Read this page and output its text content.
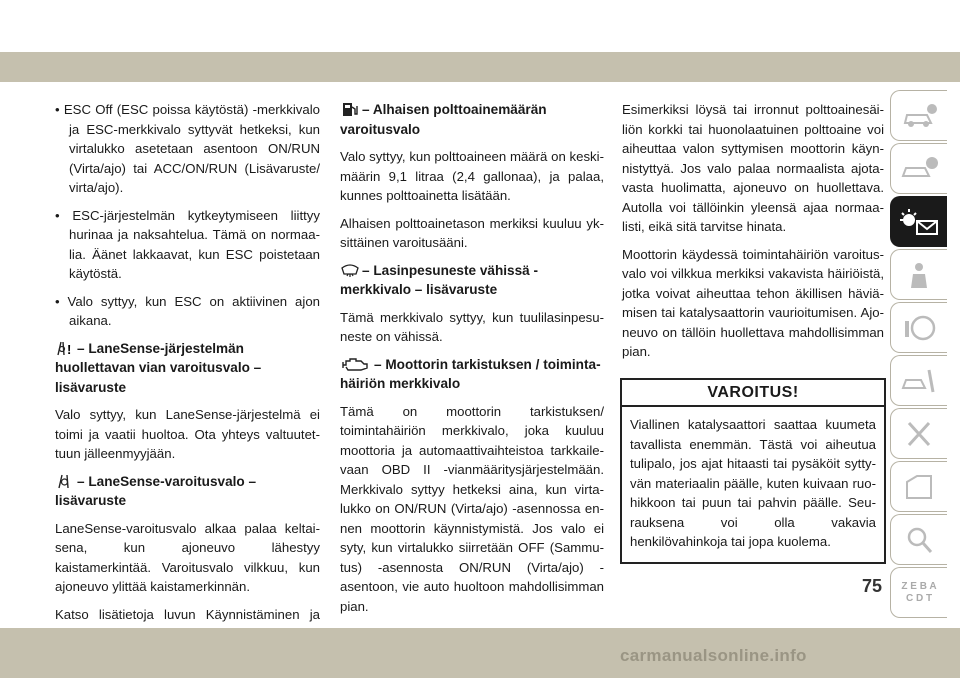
• ESC Off (ESC poissa käytöstä) -merkkivalo ja ESC-merkkivalo syttyvät hetkeksi, kun virtalukko asetetaan asentoon ON/RUN (Virta/ajo) tai ACC/ON/RUN (Lisävaruste/ virta/ajo).

• ESC-järjestelmän kytkeytymiseen liittyy hurinaa ja naksahtelua. Tämä on normaalia. Äänet lakkaavat, kun ESC poistetaan käytöstä.

• Valo syttyy, kun ESC on aktiivinen ajon aikana.

! – LaneSense-järjestelmän huollettavan vian varoitusvalo – lisävaruste

Valo syttyy, kun LaneSense-järjestelmä ei toimi ja vaatii huoltoa. Ota yhteys valtuutettuun jälleenmyyjään.

– LaneSense-varoitusvalo – lisävaruste

LaneSense-varoitusvalo alkaa palaa keltaisena, kun ajoneuvo lähestyy kaistamerkintää. Varoitusvalo vilkkuu, kun ajoneuvo ylittää kaistamerkinnän.

Katso lisätietoja luvun Käynnistäminen ja

– Alhaisen polttoainemäärän varoitusvalo

Valo syttyy, kun polttoaineen määrä on keskimäärin 9,1 litraa (2,4 gallonaa), ja palaa, kunnes polttoainetta lisätään.

Alhaisen polttoainetason merkiksi kuuluu yksittäinen varoitusääni.

– Lasinpesuneste vähissä -merkkivalo – lisävaruste

Tämä merkkivalo syttyy, kun tuulilasinpesuneste on vähissä.

– Moottorin tarkistuksen / toimintahäiriön merkkivalo

Tämä on moottorin tarkistuksen/ toimintahäiriön merkkivalo, joka kuuluu moottoria ja automaattivaihteistoa tarkkailevaan OBD II -vianmääritysjärjestelmään. Merkkivalo syttyy hetkeksi aina, kun virtalukko on ON/RUN (Virta/ajo) -asennossa ennen moottorin käynnistymistä. Jos valo ei syty, kun virtalukko siirretään OFF (Sammutus) -asennosta ON/RUN (Virta/ajo) -asentoon, vie auto huoltoon mahdollisimman pian.

Esimerkiksi löysä tai irronnut polttoainesäiliön korkki tai huonolaatuinen polttoaine voi aiheuttaa valon syttymisen moottorin käynnistyttyä. Jos valo palaa normaalista ajotavasta huolimatta, ajoneuvo on huollettava. Autolla voi tällöinkin yleensä ajaa normaalisti, eikä sitä tarvitse hinata.

Moottorin käydessä toimintahäiriön varoitusvalo voi vilkkua merkiksi vakavista häiriöistä, jotka voivat aiheuttaa tehon äkillisen häviämisen tai katalysaattorin vaurioitumisen. Ajoneuvo on tällöin huollettava mahdollisimman pian.

VAROITUS!
Viallinen katalysaattori saattaa kuumeta tavallista enemmän. Tästä voi aiheutua tulipalo, jos ajat hitaasti tai pysäköit syttyvän materiaalin päälle, kuten kuivaan ruohikkoon tai puun tai pahvin päälle. Seurauksena voi olla vakavia henkilövahinkoja tai jopa kuolema.
Z E B A C D T
75
carmanualsonline.info
